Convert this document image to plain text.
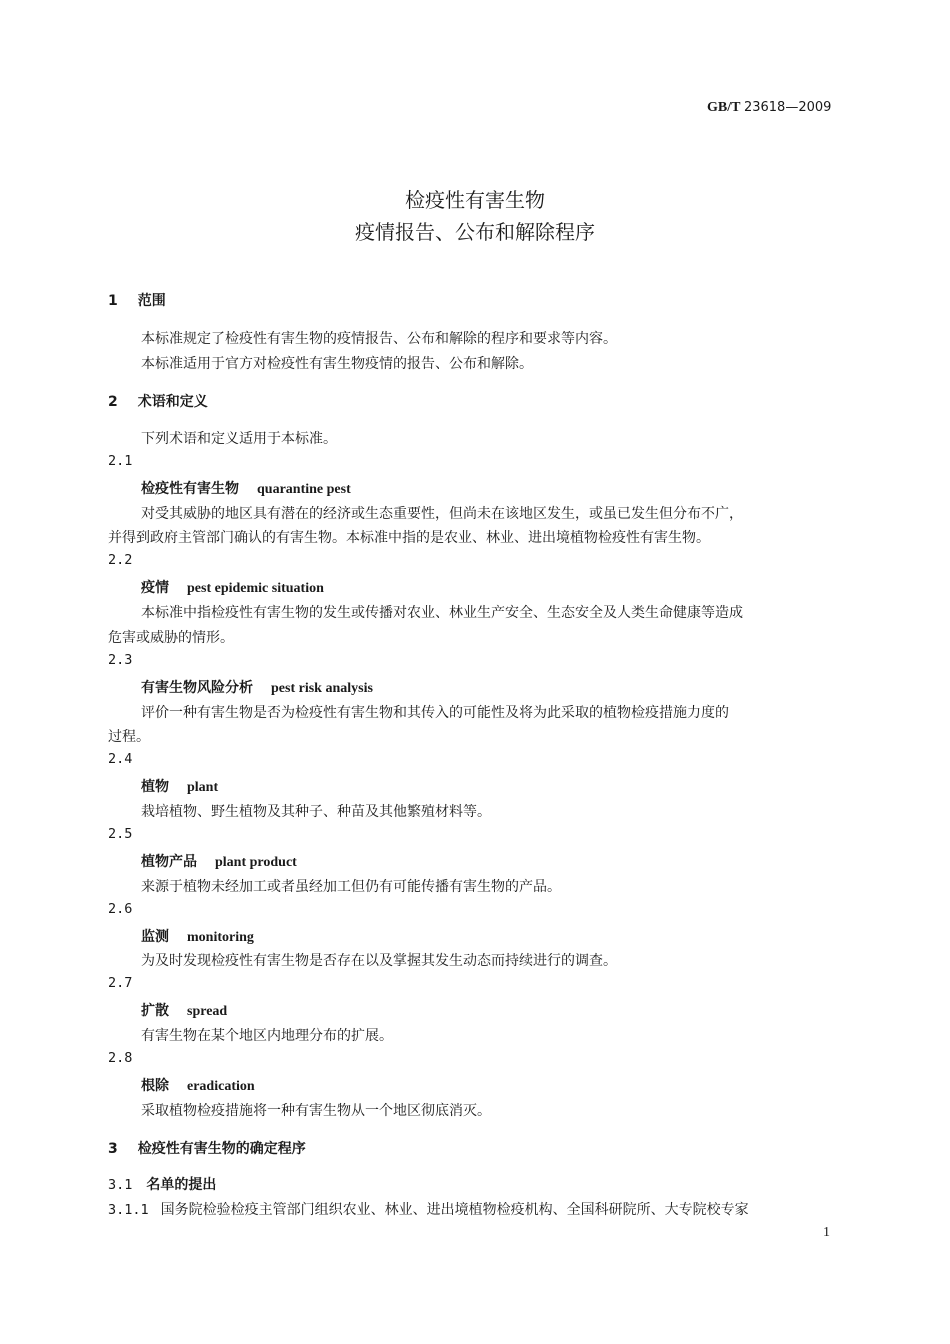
GB/T 23618—2009
检疫性有害生物
疫情报告、公布和解除程序
1 范围
本标准规定了检疫性有害生物的疫情报告、公布和解除的程序和要求等内容。
本标准适用于官方对检疫性有害生物疫情的报告、公布和解除。
2 术语和定义
下列术语和定义适用于本标准。
2.1
检疫性有害生物 quarantine pest
对受其威胁的地区具有潜在的经济或生态重要性，但尚未在该地区发生，或虽已发生但分布不广，
并得到政府主管部门确认的有害生物。本标准中指的是农业、林业、进出境植物检疫性有害生物。
2.2
疫情 pest epidemic situation
本标准中指检疫性有害生物的发生或传播对农业、林业生产安全、生态安全及人类生命健康等造成
危害或威胁的情形。
2.3
有害生物风险分析 pest risk analysis
评价一种有害生物是否为检疫性有害生物和其传入的可能性及将为此采取的植物检疫措施力度的
过程。
2.4
植物 plant
栽培植物、野生植物及其种子、种苗及其他繁殖材料等。
2.5
植物产品 plant product
来源于植物未经加工或者虽经加工但仍有可能传播有害生物的产品。
2.6
监测 monitoring
为及时发现检疫性有害生物是否存在以及掌握其发生动态而持续进行的调查。
2.7
扩散 spread
有害生物在某个地区内地理分布的扩展。
2.8
根除 eradication
采取植物检疫措施将一种有害生物从一个地区彻底消灭。
3 检疫性有害生物的确定程序
3.1 名单的提出
3.1.1 国务院检验检疫主管部门组织农业、林业、进出境植物检疫机构、全国科研院所、大专院校专家
1
